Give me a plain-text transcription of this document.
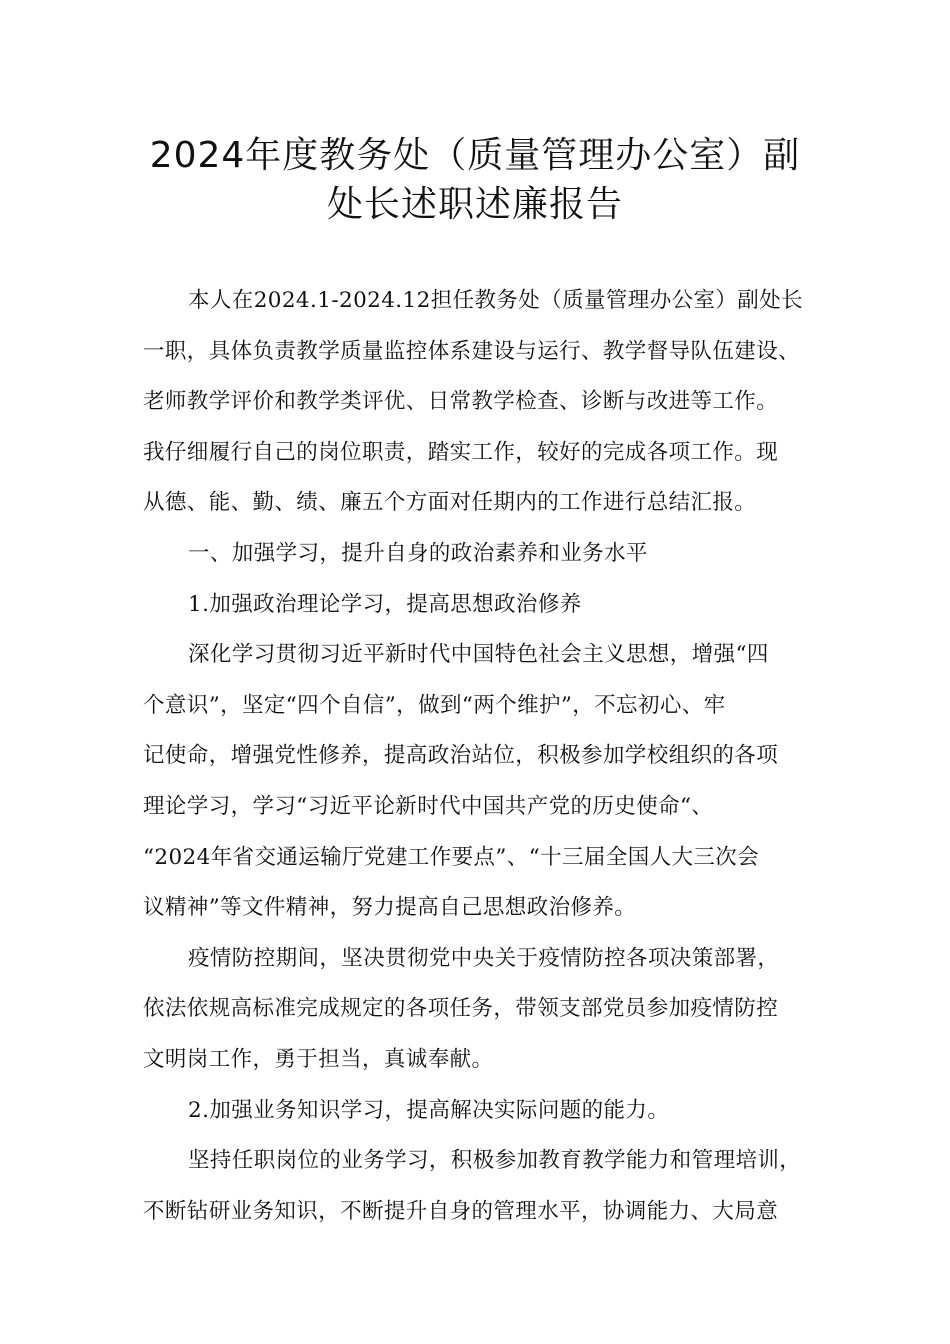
2024年度教务处（质量管理办公室）副
处长述职述廉报告
本人在2024.1-2024.12担任教务处（质量管理办公室）副处长
一职，具体负责教学质量监控体系建设与运行、教学督导队伍建设、
老师教学评价和教学类评优、日常教学检查、诊断与改进等工作。
我仔细履行自己的岗位职责，踏实工作，较好的完成各项工作。现
从德、能、勤、绩、廉五个方面对任期内的工作进行总结汇报。
一、加强学习，提升自身的政治素养和业务水平
1.加强政治理论学习，提高思想政治修养
深化学习贯彻习近平新时代中国特色社会主义思想，增强“四
个意识”，坚定“四个自信”，做到“两个维护”，不忘初心、牢
记使命，增强党性修养，提高政治站位，积极参加学校组织的各项
理论学习，学习“习近平论新时代中国共产党的历史使命“、
“2024年省交通运输厅党建工作要点”、“十三届全国人大三次会
议精神”等文件精神，努力提高自己思想政治修养。
疫情防控期间，坚决贯彻党中央关于疫情防控各项决策部署，
依法依规高标准完成规定的各项任务，带领支部党员参加疫情防控
文明岗工作，勇于担当，真诚奉献。
2.加强业务知识学习，提高解决实际问题的能力。
坚持任职岗位的业务学习，积极参加教育教学能力和管理培训，
不断钻研业务知识，不断提升自身的管理水平，协调能力、大局意
